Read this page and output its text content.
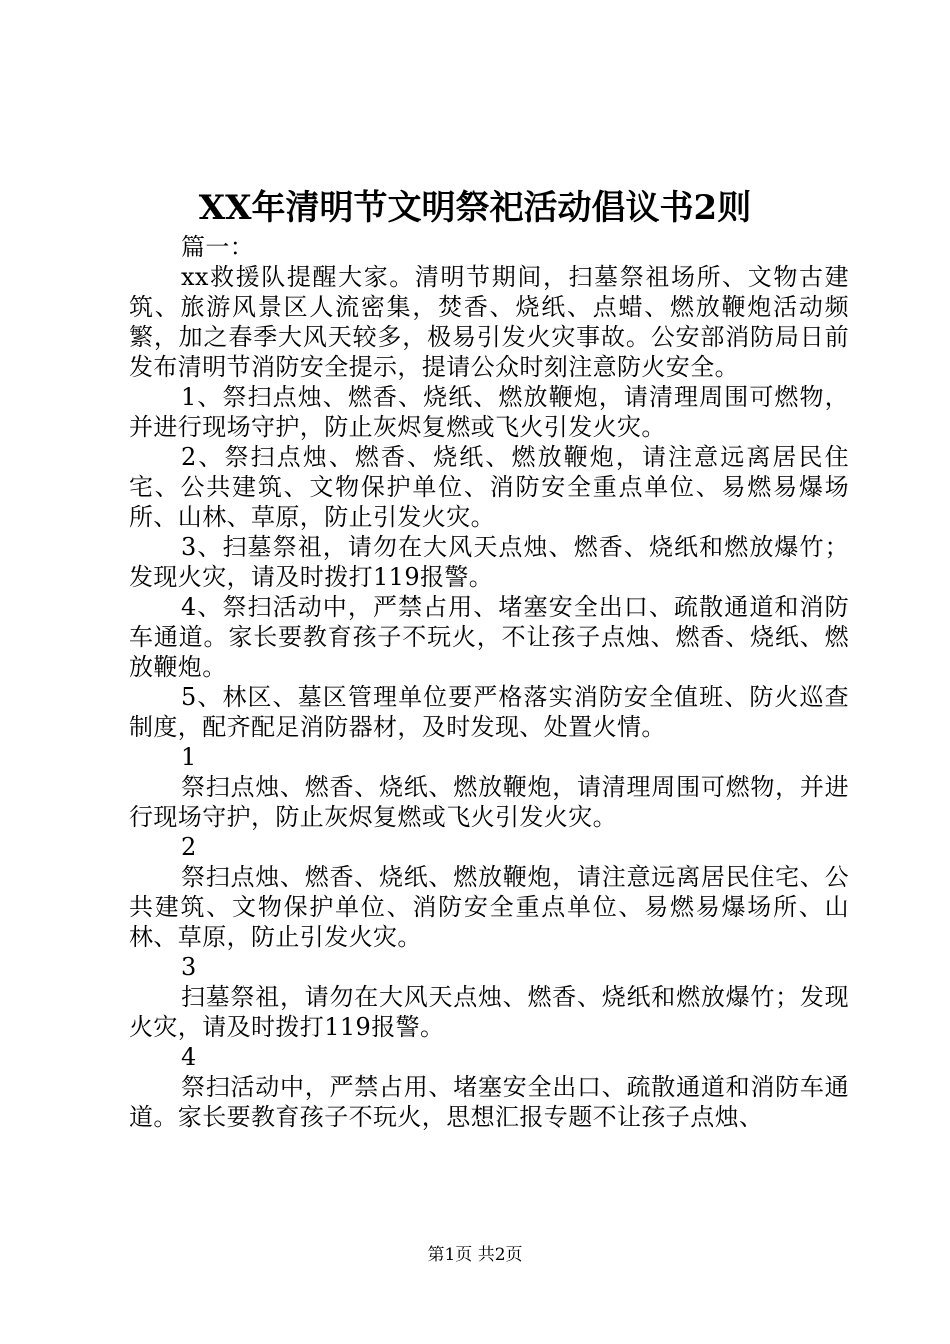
XX年清明节文明祭祀活动倡议书2则

篇一：

xx救援队提醒大家。清明节期间，扫墓祭祖场所、文物古建筑、旅游风景区人流密集，焚香、烧纸、点蜡、燃放鞭炮活动频繁，加之春季大风天较多，极易引发火灾事故。公安部消防局日前发布清明节消防安全提示，提请公众时刻注意防火安全。

1、祭扫点烛、燃香、烧纸、燃放鞭炮，请清理周围可燃物，并进行现场守护，防止灰烬复燃或飞火引发火灾。

2、祭扫点烛、燃香、烧纸、燃放鞭炮，请注意远离居民住宅、公共建筑、文物保护单位、消防安全重点单位、易燃易爆场所、山林、草原，防止引发火灾。

3、扫墓祭祖，请勿在大风天点烛、燃香、烧纸和燃放爆竹；发现火灾，请及时拨打119报警。

4、祭扫活动中，严禁占用、堵塞安全出口、疏散通道和消防车通道。家长要教育孩子不玩火，不让孩子点烛、燃香、烧纸、燃放鞭炮。

5、林区、墓区管理单位要严格落实消防安全值班、防火巡查制度，配齐配足消防器材，及时发现、处置火情。

1

祭扫点烛、燃香、烧纸、燃放鞭炮，请清理周围可燃物，并进行现场守护，防止灰烬复燃或飞火引发火灾。

2

祭扫点烛、燃香、烧纸、燃放鞭炮，请注意远离居民住宅、公共建筑、文物保护单位、消防安全重点单位、易燃易爆场所、山林、草原，防止引发火灾。

3

扫墓祭祖，请勿在大风天点烛、燃香、烧纸和燃放爆竹；发现火灾，请及时拨打119报警。

4

祭扫活动中，严禁占用、堵塞安全出口、疏散通道和消防车通道。家长要教育孩子不玩火，思想汇报专题不让孩子点烛、

第1页 共2页
